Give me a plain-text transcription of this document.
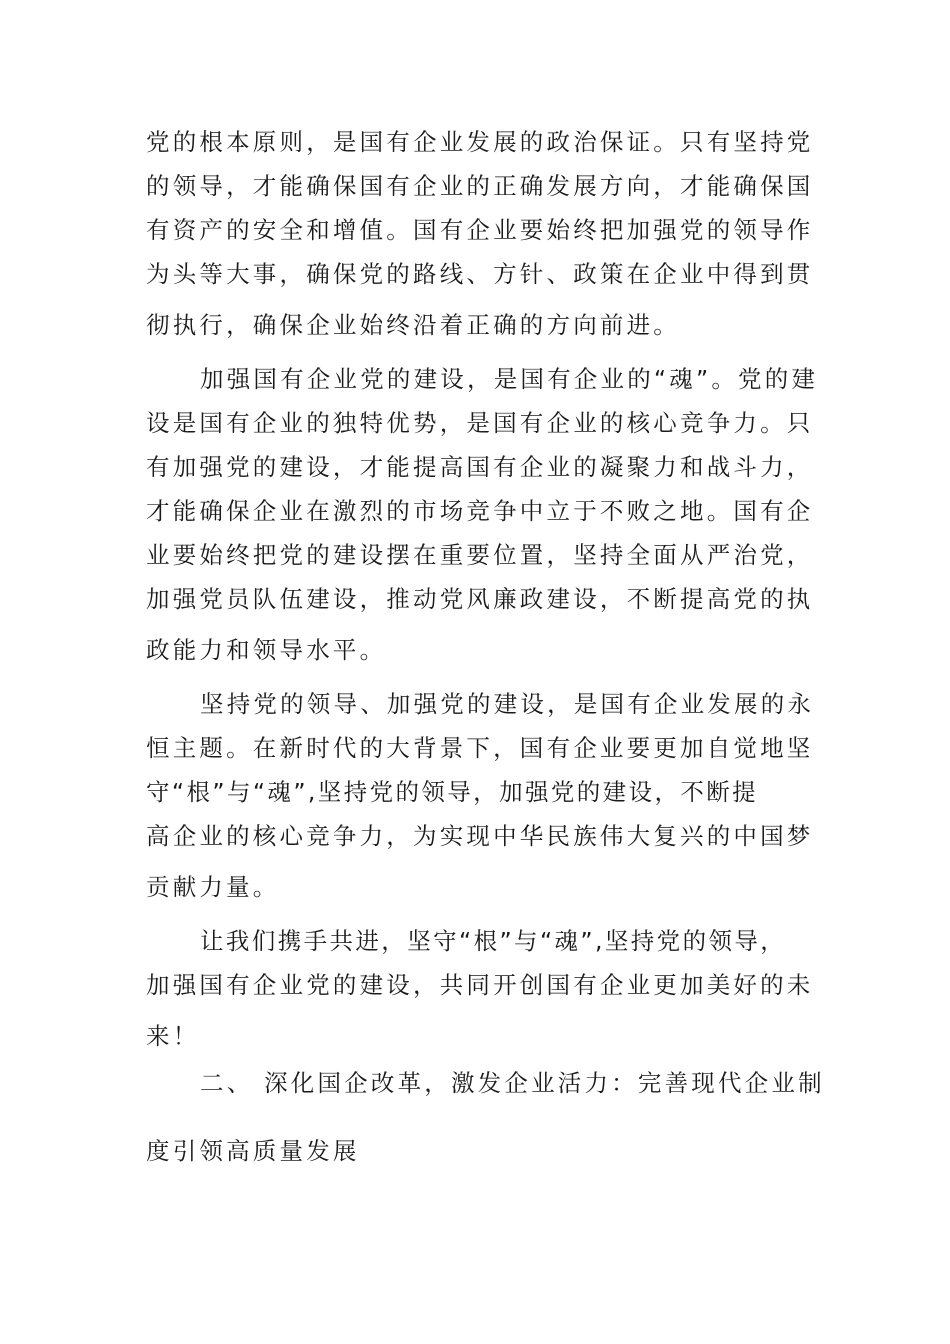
党的根本原则，是国有企业发展的政治保证。只有坚持党
的领导，才能确保国有企业的正确发展方向，才能确保国
有资产的安全和增值。国有企业要始终把加强党的领导作
为头等大事，确保党的路线、方针、政策在企业中得到贯
彻执行，确保企业始终沿着正确的方向前进。
加强国有企业党的建设，是国有企业的“魂”。党的建
设是国有企业的独特优势，是国有企业的核心竞争力。只
有加强党的建设，才能提高国有企业的凝聚力和战斗力，
才能确保企业在激烈的市场竞争中立于不败之地。国有企
业要始终把党的建设摆在重要位置，坚持全面从严治党，
加强党员队伍建设，推动党风廉政建设，不断提高党的执
政能力和领导水平。
坚持党的领导、加强党的建设，是国有企业发展的永
恒主题。在新时代的大背景下，国有企业要更加自觉地坚
守“根”与“魂”,坚持党的领导，加强党的建设，不断提
高企业的核心竞争力，为实现中华民族伟大复兴的中国梦
贡献力量。
让我们携手共进，坚守“根”与“魂”,坚持党的领导，
加强国有企业党的建设，共同开创国有企业更加美好的未
来！
二、 深化国企改革，激发企业活力：完善现代企业制
度引领高质量发展
